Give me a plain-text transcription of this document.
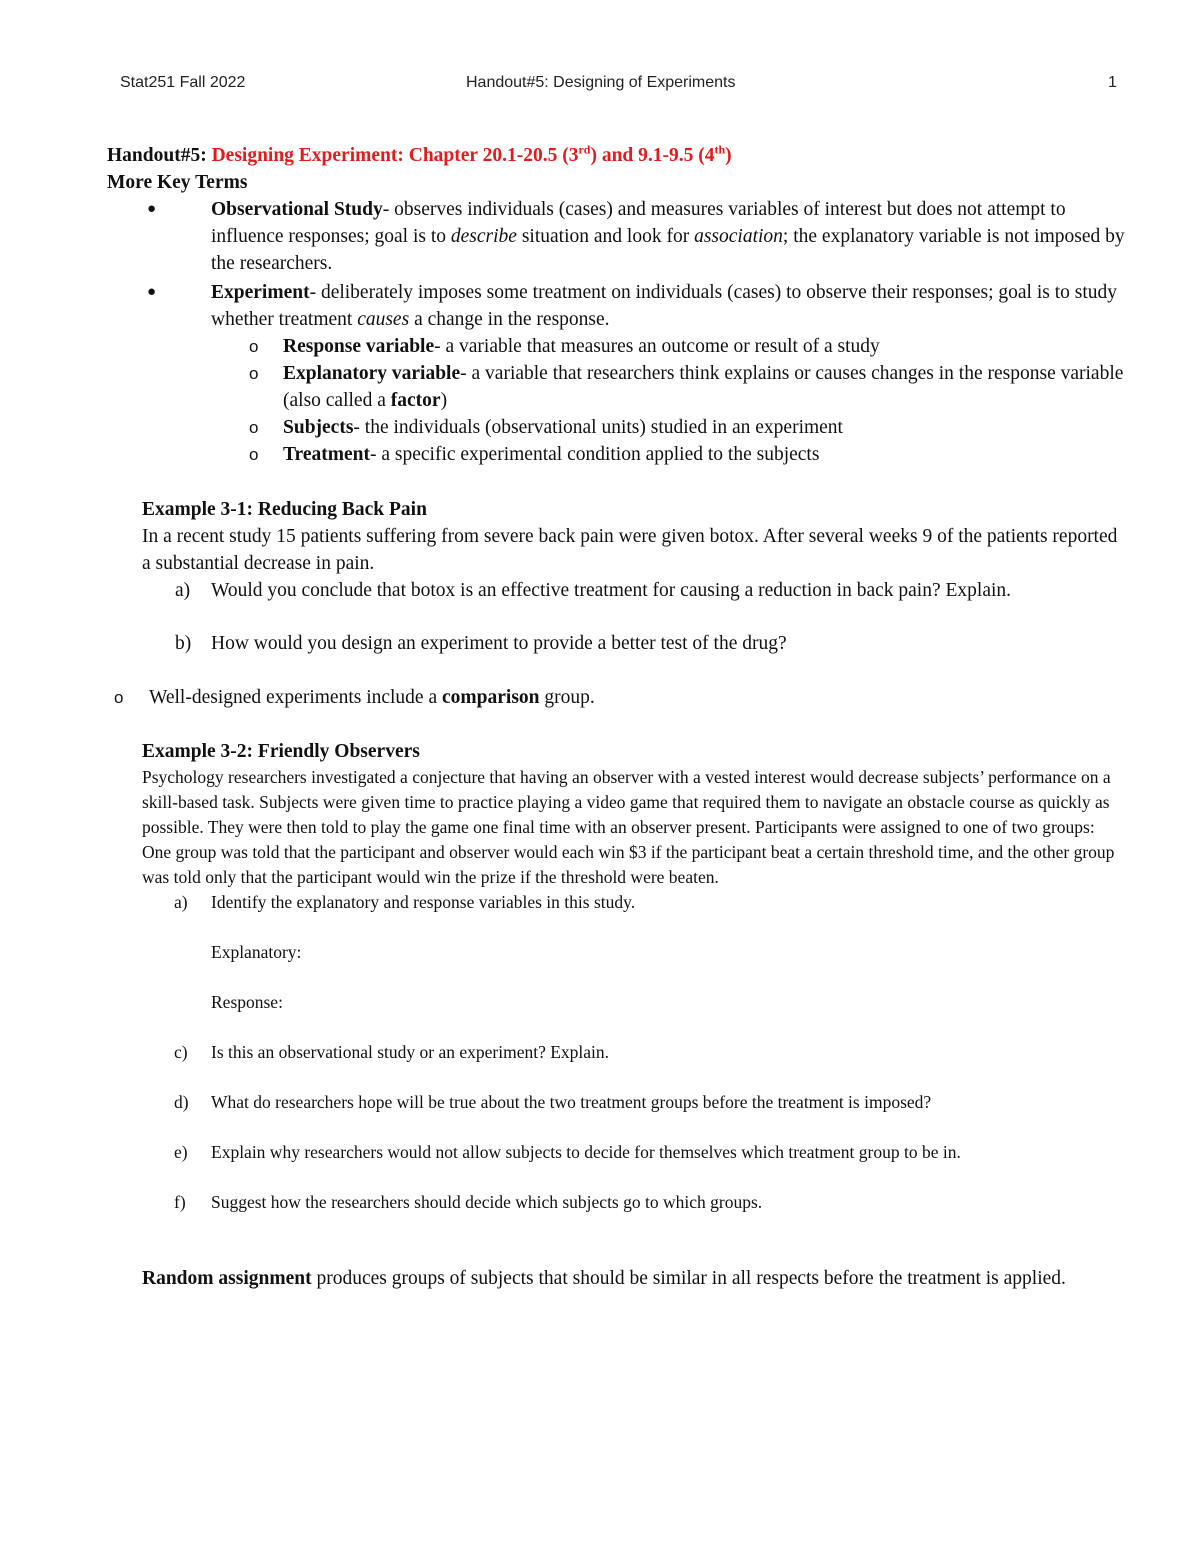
Stat251 Fall 2022	Handout#5: Designing of Experiments	1
Handout#5: Designing Experiment: Chapter 20.1-20.5 (3rd) and 9.1-9.5 (4th)
More Key Terms
●	Observational Study- observes individuals (cases) and measures variables of interest but does not attempt to influence responses; goal is to describe situation and look for association; the explanatory variable is not imposed by the researchers.
●	Experiment- deliberately imposes some treatment on individuals (cases) to observe their responses; goal is to study whether treatment causes a change in the response.
o Response variable- a variable that measures an outcome or result of a study
o Explanatory variable- a variable that researchers think explains or causes changes in the response variable (also called a factor)
o Subjects- the individuals (observational units) studied in an experiment
o Treatment- a specific experimental condition applied to the subjects
Example 3-1: Reducing Back Pain
In a recent study 15 patients suffering from severe back pain were given botox. After several weeks 9 of the patients reported a substantial decrease in pain.
a) Would you conclude that botox is an effective treatment for causing a reduction in back pain? Explain.
b) How would you design an experiment to provide a better test of the drug?
o Well-designed experiments include a comparison group.
Example 3-2: Friendly Observers
Psychology researchers investigated a conjecture that having an observer with a vested interest would decrease subjects’ performance on a skill-based task. Subjects were given time to practice playing a video game that required them to navigate an obstacle course as quickly as possible. They were then told to play the game one final time with an observer present. Participants were assigned to one of two groups: One group was told that the participant and observer would each win $3 if the participant beat a certain threshold time, and the other group was told only that the participant would win the prize if the threshold were beaten.
a) Identify the explanatory and response variables in this study.
Explanatory:
Response:
c) Is this an observational study or an experiment? Explain.
d) What do researchers hope will be true about the two treatment groups before the treatment is imposed?
e) Explain why researchers would not allow subjects to decide for themselves which treatment group to be in.
f) Suggest how the researchers should decide which subjects go to which groups.
Random assignment produces groups of subjects that should be similar in all respects before the treatment is applied.
